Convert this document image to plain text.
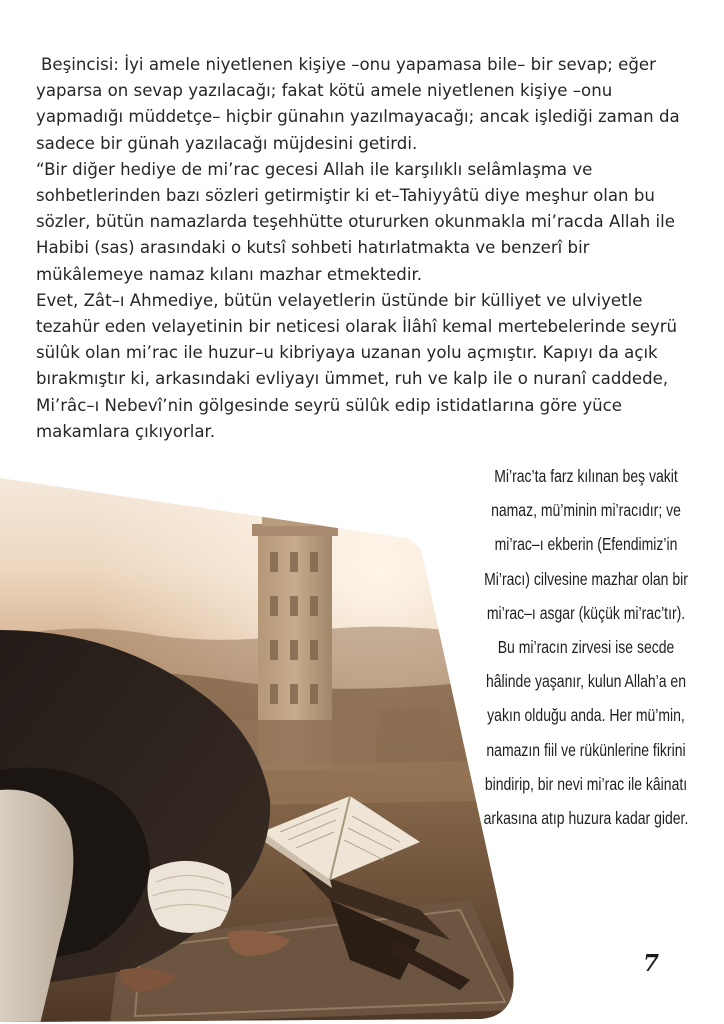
Beşincisi: İyi amele niyetlenen kişiye –onu yapamasa bile– bir sevap; eğer yaparsa on sevap yazılacağı; fakat kötü amele niyetlenen kişiye –onu yapmadığı müddetçe– hiçbir günahın yazılmayacağı; ancak işlediği zaman da sadece bir günah yazılacağı müjdesini getirdi.

“Bir diğer hediye de mi’rac gecesi Allah ile karşılıklı selâmlaşma ve sohbetlerinden bazı sözleri getirmiştir ki et–Tahiyyâtü diye meşhur olan bu sözler, bütün namazlarda teşehhütte otururken okunmakla mi’racda Allah ile Habibi (sas) arasındaki o kutsî sohbeti hatırlatmakta ve benzerî bir mükâlemeye namaz kılanı mazhar etmektedir.

Evet, Zât–ı Ahmediye, bütün velayetlerin üstünde bir külliyet ve ulviyetle tezahür eden velayetinin bir neticesi olarak İlâhî kemal mertebelerinde seyrü sülûk olan mi’rac ile huzur–u kibriyaya uzanan yolu açmıştır. Kapıyı da açık bırakmıştır ki, arkasındaki evliyayı ümmet, ruh ve kalp ile o nuranî caddede, Mi’râc–ı Nebevî’nin gölgesinde seyrü sülûk edip istidatlarına göre yüce makamlara çıkıyorlar.

Mi’rac’ta farz kılınan beş vakit namaz, mü’minin mi’racıdır; ve mi’rac–ı ekberin (Efendimiz’in Mi’racı) cilvesine mazhar olan bir mi’rac–ı asgar (küçük mi’rac’tır). Bu mi’racın zirvesi ise secde hâlinde yaşanır, kulun Allah’a en yakın olduğu anda. Her mü’min, namazın fiil ve rükünlerine fikrini bindirip, bir nevi mi’rac ile kâinatı arkasına atıp huzura kadar gider.
7
